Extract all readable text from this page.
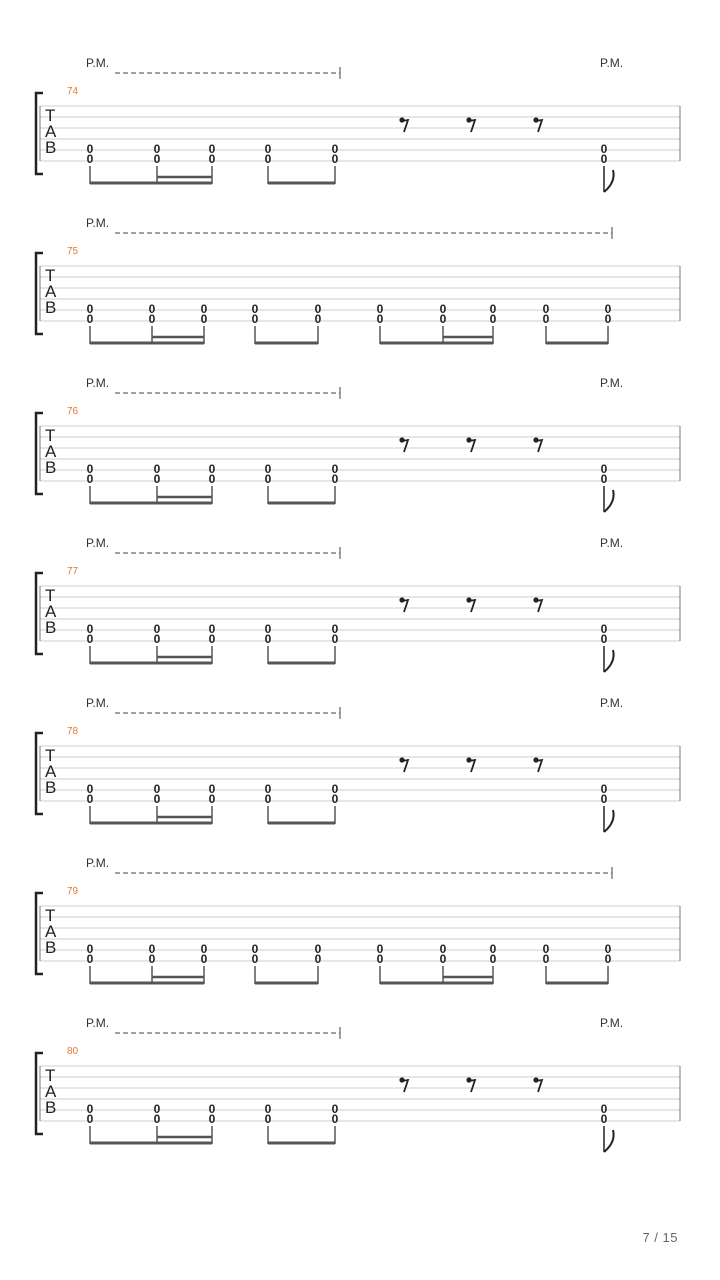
T
A
B
74
P.M.	P.M.
0
0
0
0
0
0
0
0
0
0
0
0
T
A
B
75
P.M.
0
0
0
0
0
0
0
0
0
0
0
0
0
0
0
0
0
0
0
0
T
A
B
76
P.M.	P.M.
0
0
0
0
0
0
0
0
0
0
0
0
T
A
B
77
P.M.	P.M.
0
0
0
0
0
0
0
0
0
0
0
0
T
A
B
78
P.M.	P.M.
0
0
0
0
0
0
0
0
0
0
0
0
T
A
B
79
P.M.
0
0
0
0
0
0
0
0
0
0
0
0
0
0
0
0
0
0
0
0
T
A
B
80
P.M.	P.M.
0
0
0
0
0
0
0
0
0
0
0
0
7 / 15
